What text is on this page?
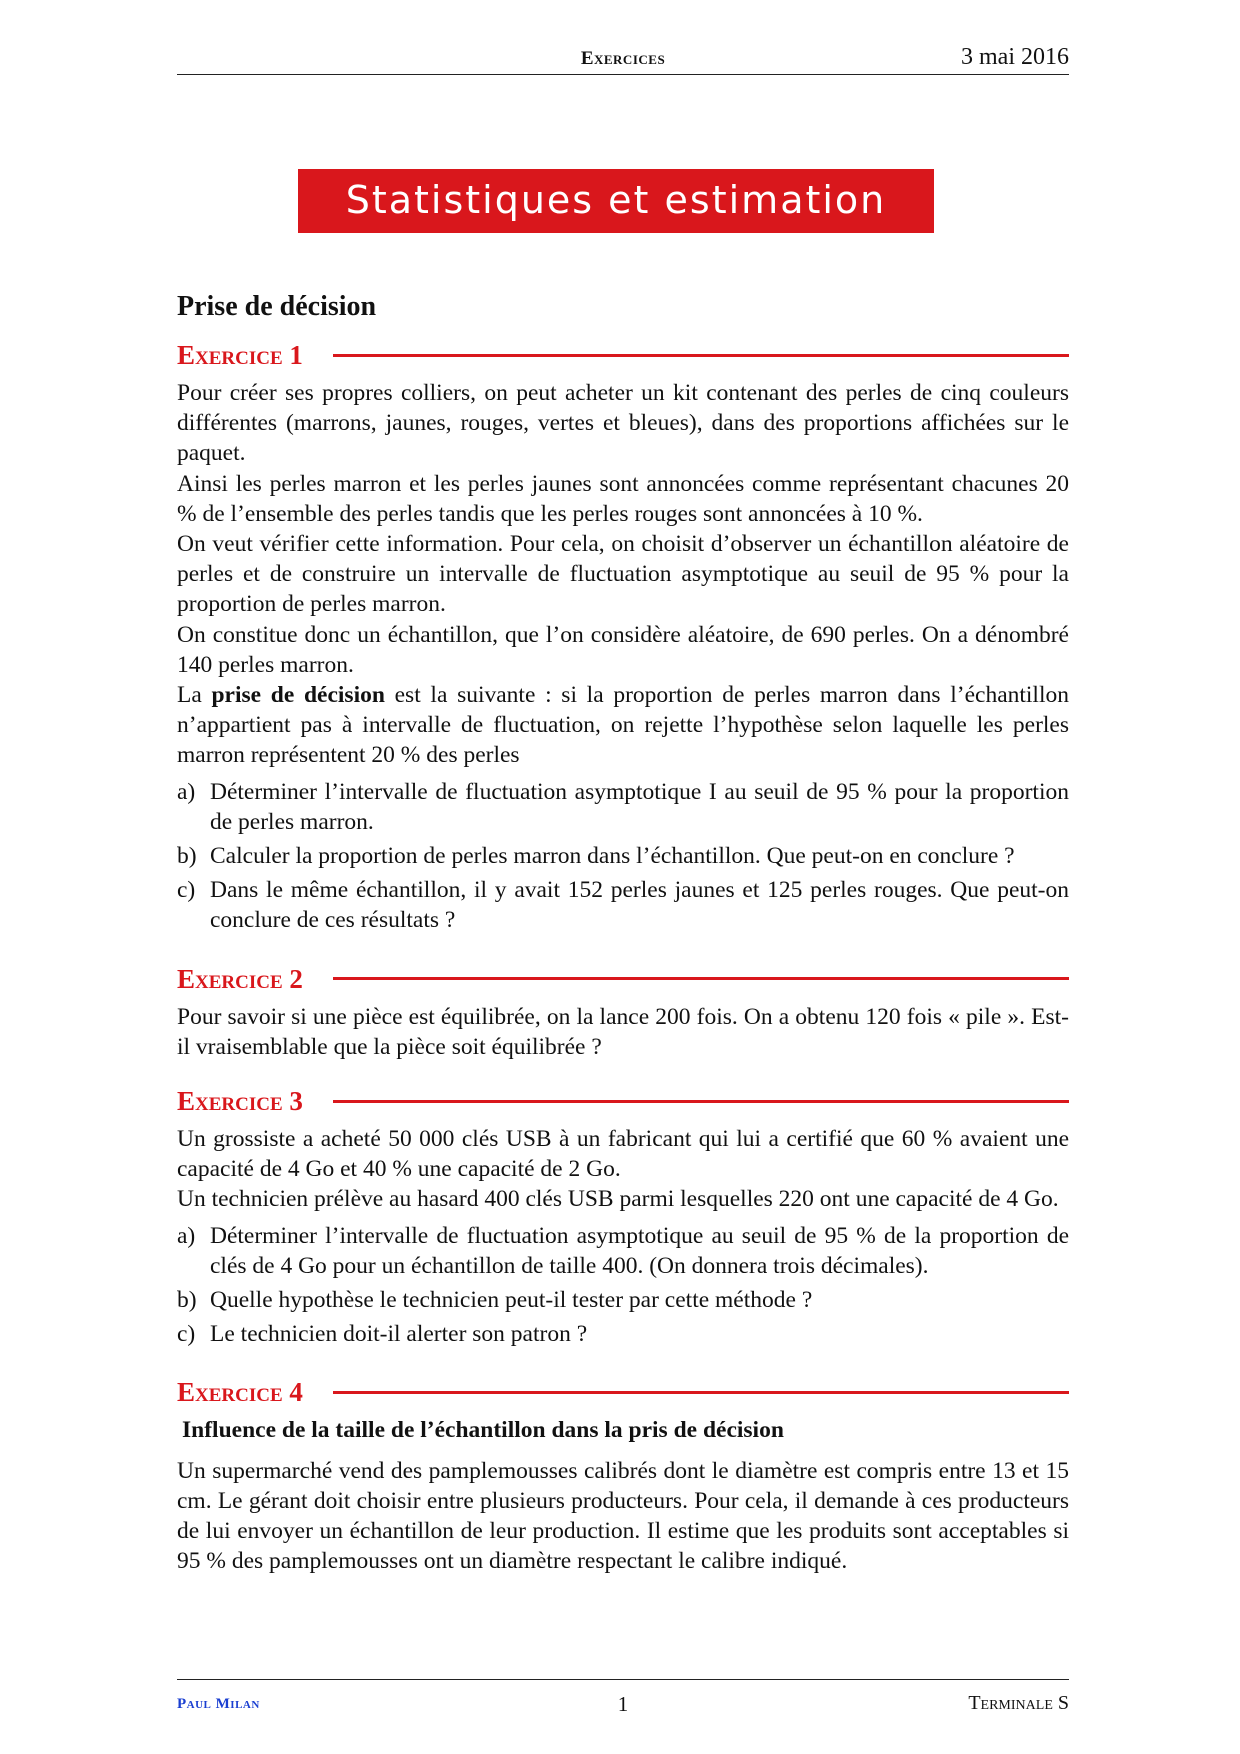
Exercices	3 mai 2016
Statistiques et estimation
Prise de décision
Exercice 1

Pour créer ses propres colliers, on peut acheter un kit contenant des perles de cinq couleurs différentes (marrons, jaunes, rouges, vertes et bleues), dans des proportions affichées sur le paquet.

Ainsi les perles marron et les perles jaunes sont annoncées comme représentant chacunes 20 % de l’ensemble des perles tandis que les perles rouges sont annoncées à 10 %.

On veut vérifier cette information. Pour cela, on choisit d’observer un échantillon aléatoire de perles et de construire un intervalle de fluctuation asymptotique au seuil de 95 % pour la proportion de perles marron.

On constitue donc un échantillon, que l’on considère aléatoire, de 690 perles. On a dénombré 140 perles marron.

La prise de décision est la suivante : si la proportion de perles marron dans l’échantillon n’appartient pas à intervalle de fluctuation, on rejette l’hypothèse selon laquelle les perles marron représentent 20 % des perles

a) Déterminer l’intervalle de fluctuation asymptotique I au seuil de 95 % pour la proportion de perles marron.
b) Calculer la proportion de perles marron dans l’échantillon. Que peut-on en conclure ?
c) Dans le même échantillon, il y avait 152 perles jaunes et 125 perles rouges. Que peut-on conclure de ces résultats ?
Exercice 2

Pour savoir si une pièce est équilibrée, on la lance 200 fois. On a obtenu 120 fois « pile ». Est-il vraisemblable que la pièce soit équilibrée ?

Exercice 3

Un grossiste a acheté 50 000 clés USB à un fabricant qui lui a certifié que 60 % avaient une capacité de 4 Go et 40 % une capacité de 2 Go.

Un technicien prélève au hasard 400 clés USB parmi lesquelles 220 ont une capacité de 4 Go.

a) Déterminer l’intervalle de fluctuation asymptotique au seuil de 95 % de la proportion de clés de 4 Go pour un échantillon de taille 400. (On donnera trois décimales).
b) Quelle hypothèse le technicien peut-il tester par cette méthode ?
c) Le technicien doit-il alerter son patron ?
Exercice 4
Influence de la taille de l’échantillon dans la pris de décision

Un supermarché vend des pamplemousses calibrés dont le diamètre est compris entre 13 et 15 cm. Le gérant doit choisir entre plusieurs producteurs. Pour cela, il demande à ces producteurs de lui envoyer un échantillon de leur production. Il estime que les produits sont acceptables si 95 % des pamplemousses ont un diamètre respectant le calibre indiqué.

Paul Milan	1	Terminale S
